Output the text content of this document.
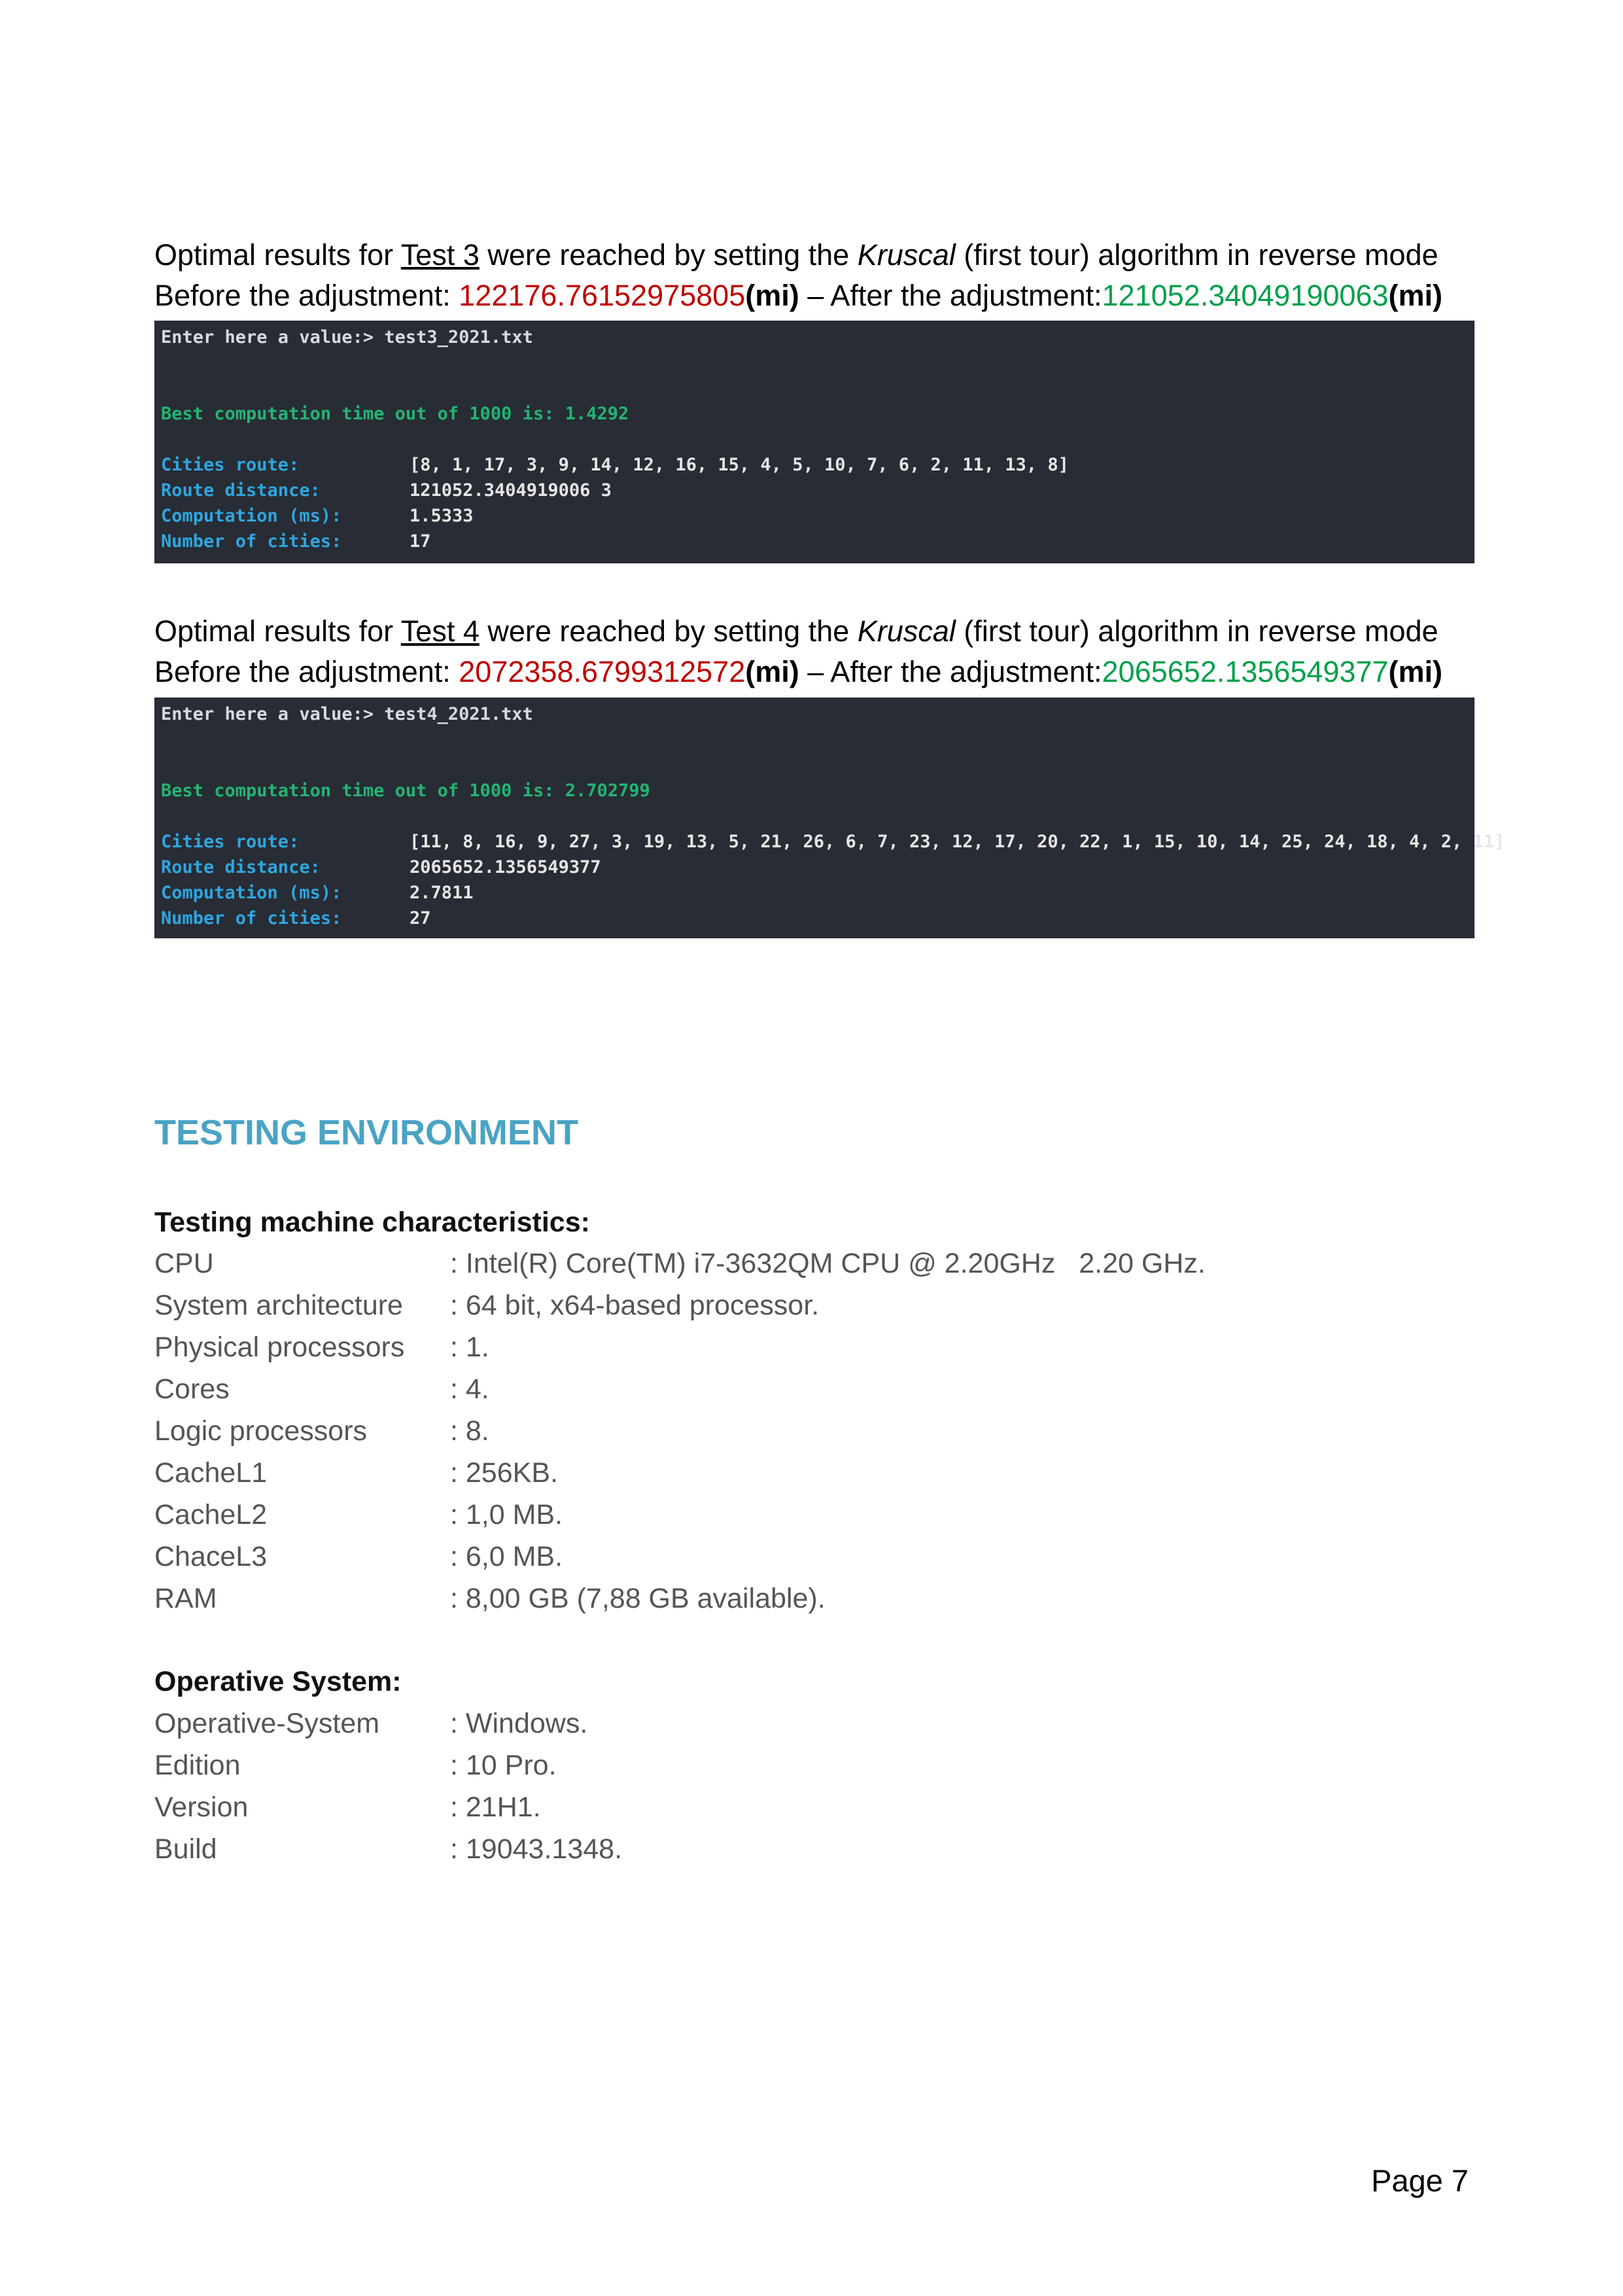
Optimal results for Test 3 were reached by setting the Kruscal (first tour) algorithm in reverse mode
Before the adjustment: 122176.76152975805(mi) – After the adjustment:121052.34049190063(mi)
Enter here a value:> test3_2021.txt
Best computation time out of 1000 is: 1.4292
Cities route:	[8, 1, 17, 3, 9, 14, 12, 16, 15, 4, 5, 10, 7, 6, 2, 11, 13, 8]
Route distance:	121052.3404919006 3
Computation (ms):	1.5333
Number of cities:	17
Optimal results for Test 4 were reached by setting the Kruscal (first tour) algorithm in reverse mode
Before the adjustment: 2072358.6799312572(mi) – After the adjustment:2065652.1356549377(mi)
Enter here a value:> test4_2021.txt
Best computation time out of 1000 is: 2.702799
Cities route:	[11, 8, 16, 9, 27, 3, 19, 13, 5, 21, 26, 6, 7, 23, 12, 17, 20, 22, 1, 15, 10, 14, 25, 24, 18, 4, 2, 11]
Route distance:	2065652.1356549377
Computation (ms):	2.7811
Number of cities:	27
TESTING ENVIRONMENT
Testing machine characteristics:
CPU	: Intel(R) Core(TM) i7-3632QM CPU @ 2.20GHz   2.20 GHz.
System architecture : 64 bit, x64-based processor.
Physical processors : 1.
Cores	: 4.
Logic processors	: 8.
CacheL1	: 256KB.
CacheL2	: 1,0 MB.
ChaceL3	: 6,0 MB.
RAM	: 8,00 GB (7,88 GB available).
Operative System:
Operative-System	: Windows.
Edition	: 10 Pro.
Version	: 21H1.
Build	: 19043.1348.
Page 7
